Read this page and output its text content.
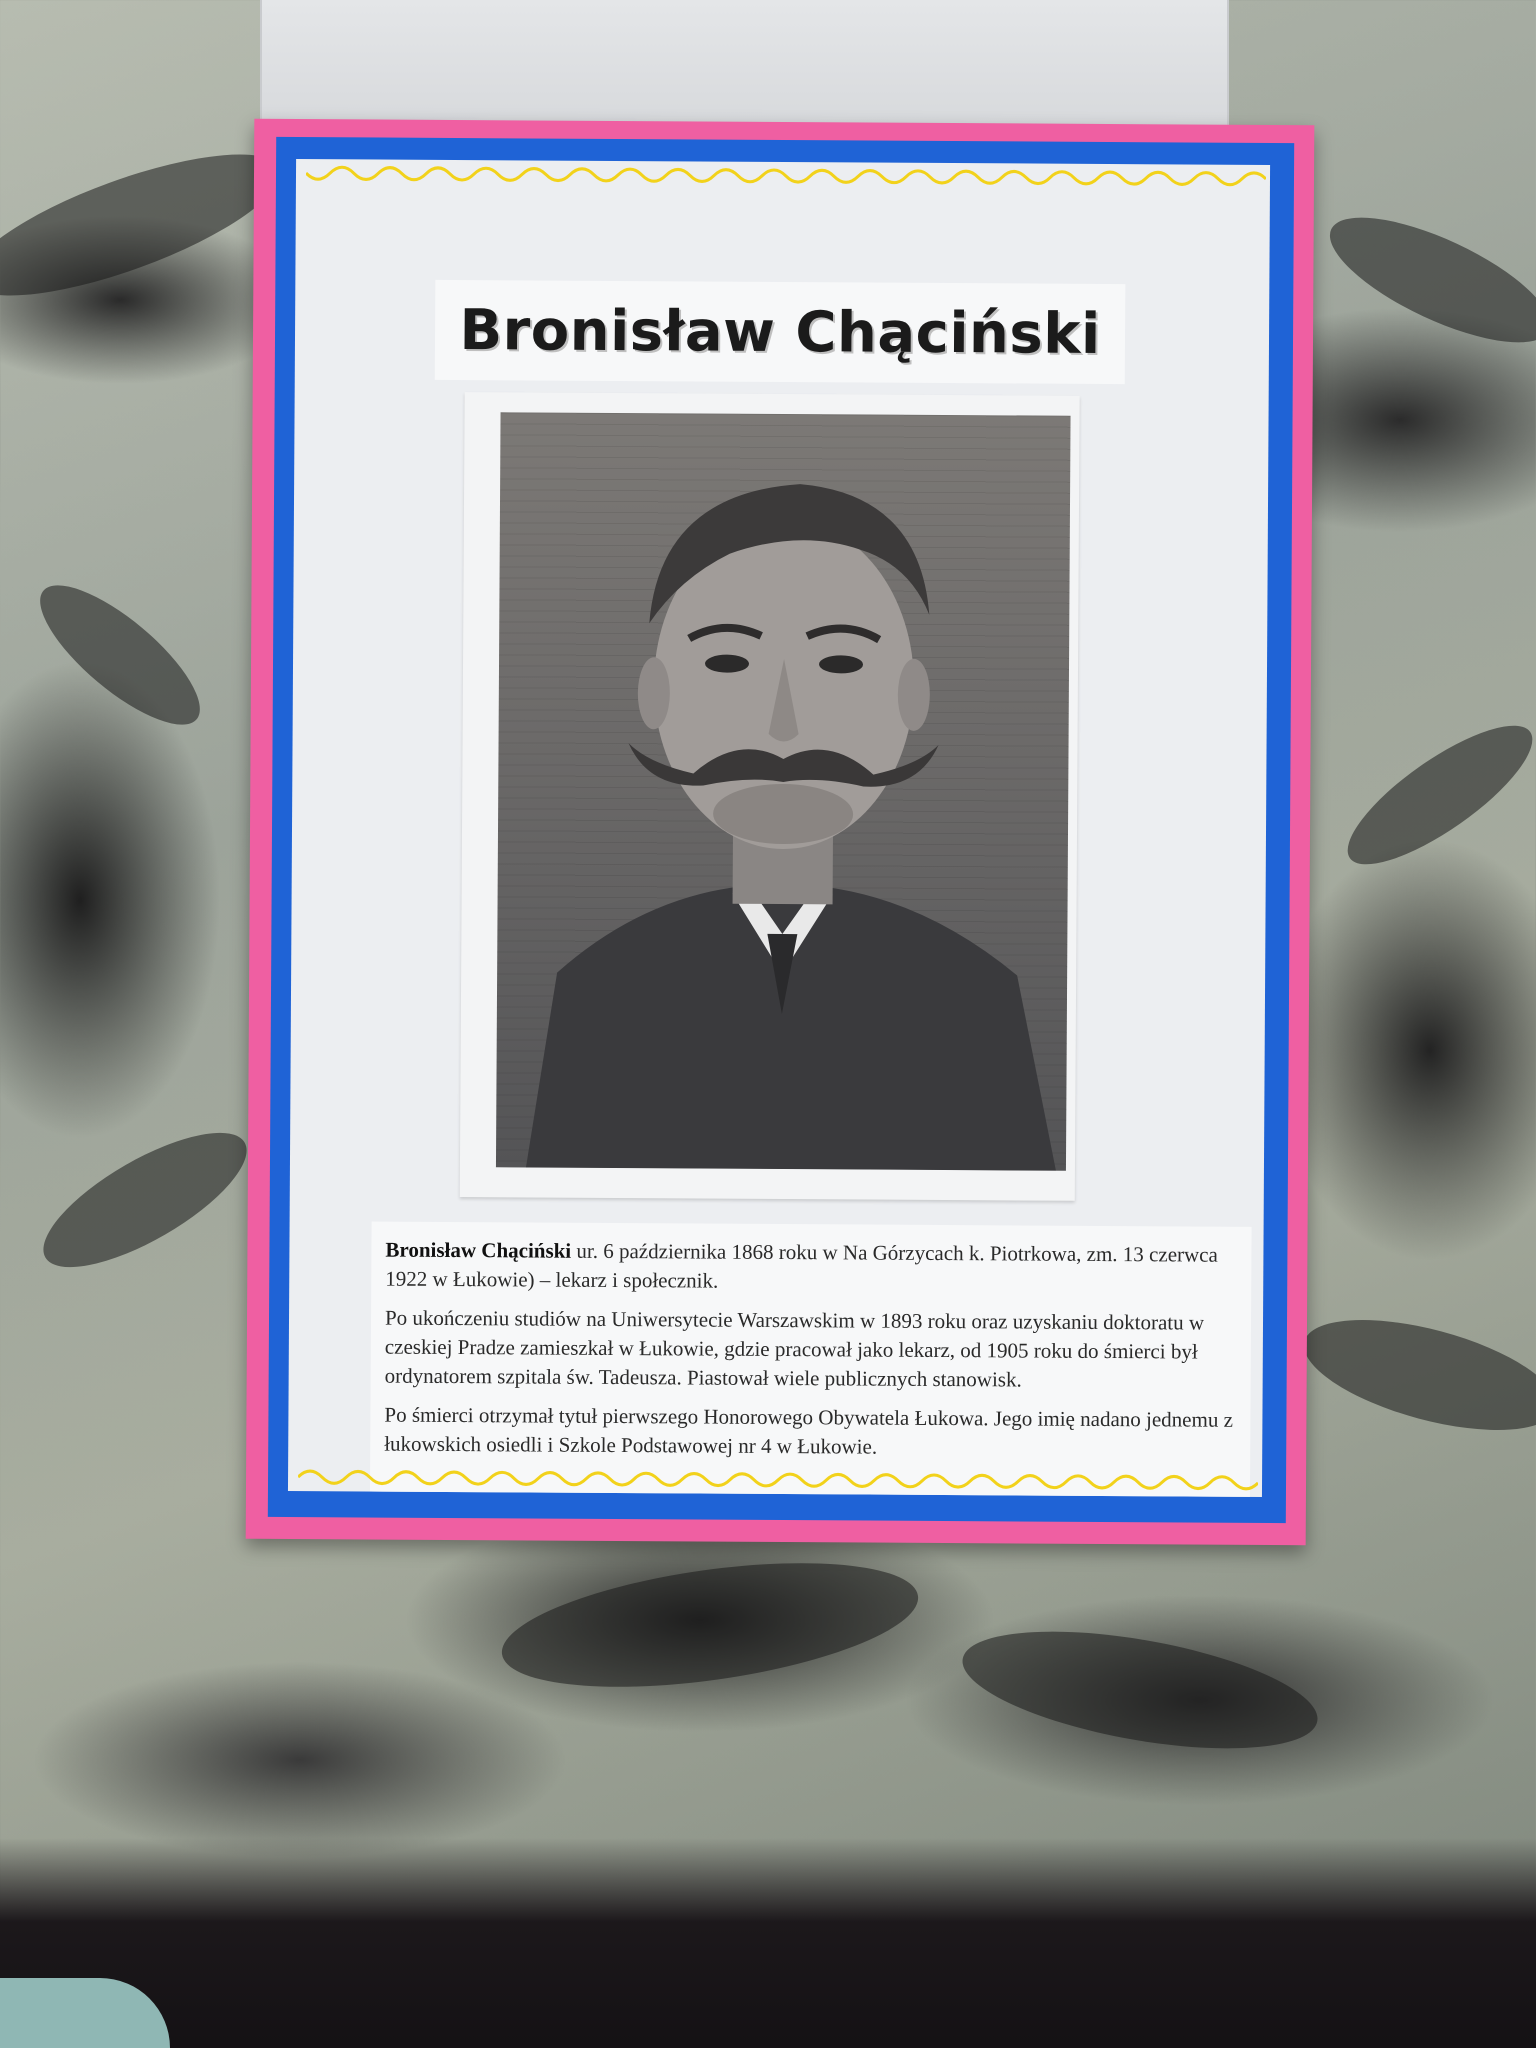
Bronisław Chąciński

Bronisław Chąciński ur. 6 października 1868 roku w Na Górzycach k. Piotrkowa, zm. 13 czerwca 1922 w Łukowie) – lekarz i społecznik.

Po ukończeniu studiów na Uniwersytecie Warszawskim w 1893 roku oraz uzyskaniu doktoratu w czeskiej Pradze zamieszkał w Łukowie, gdzie pracował jako lekarz, od 1905 roku do śmierci był ordynatorem szpitala św. Tadeusza. Piastował wiele publicznych stanowisk.

Po śmierci otrzymał tytuł pierwszego Honorowego Obywatela Łukowa. Jego imię nadano jednemu z łukowskich osiedli i Szkole Podstawowej nr 4 w Łukowie.
